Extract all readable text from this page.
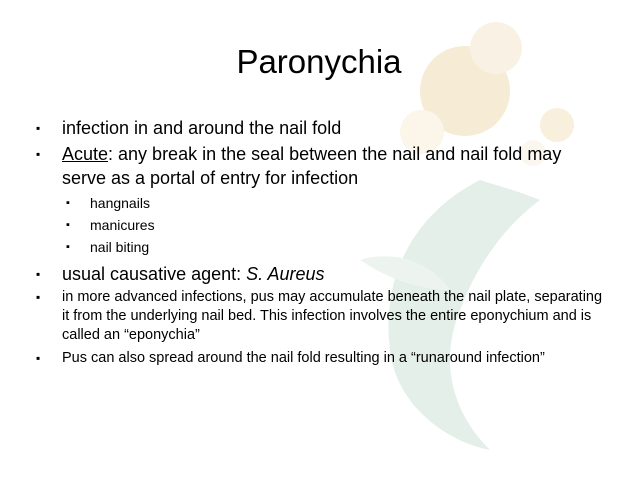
Paronychia
▪ infection in and around the nail fold
▪ Acute: any break in the seal between the nail and nail fold may serve as a portal of entry for infection
▪ hangnails
▪ manicures
▪ nail biting
▪ usual causative agent: S. Aureus
▪ in more advanced infections, pus may accumulate beneath the nail plate, separating it from the underlying nail bed. This infection involves the entire eponychium and is called an “eponychia”
▪ Pus can also spread around the nail fold resulting in a “runaround infection”
